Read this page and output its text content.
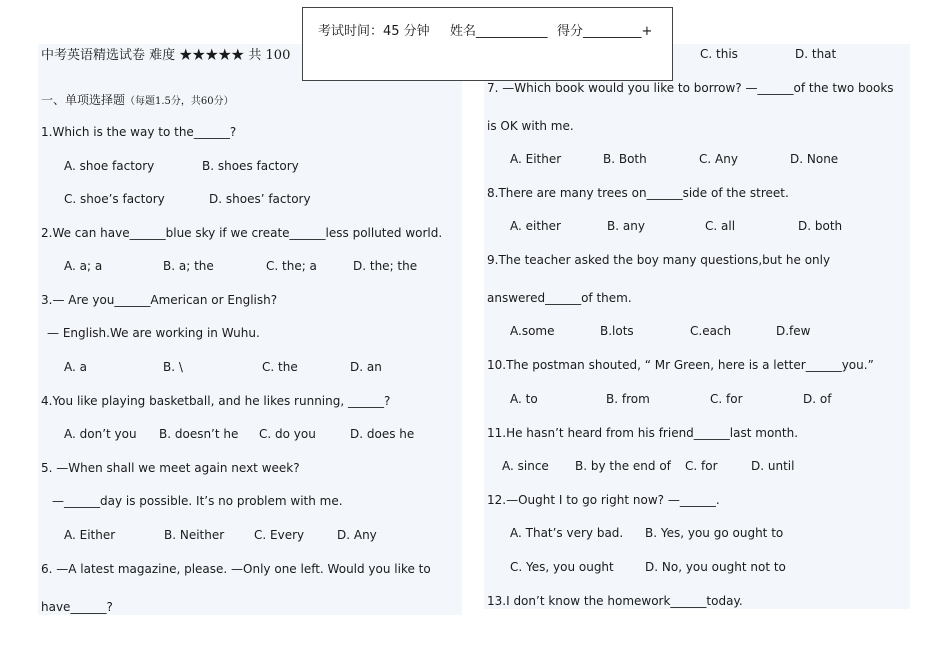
中考英语精选试卷 难度 ★★★★★ 共 100
考试时间：45 分钟 姓名___________ 得分_________+
一、单项选择题（每题1.5分，共60分）
1.Which is the way to the______?
A. shoe factory	B. shoes factory
C. shoe’s factory	D. shoes’ factory
2.We can have______blue sky if we create______less polluted world.
A. a; a	B. a; the	C. the; a	D. the; the
3.— Are you______American or English?
— English.We are working in Wuhu.
A. a	B. \	C. the	D. an
4.You like playing basketball, and he likes running, ______?
A. don’t you B. doesn’t he C. do you	D. does he
5. —When shall we meet again next week?
—______day is possible. It’s no problem with me.
A. Either	B. Neither C. Every	D. Any
6. —A latest magazine, please. —Only one left. Would you like to
have______?
C. this	D. that
7. —Which book would you like to borrow? —______of the two books
is OK with me.
A. Either	B. Both	C. Any	D. None
8.There are many trees on______side of the street.
A. either	B. any	C. all	D. both
9.The teacher asked the boy many questions,but he only
answered______of them.
A.some	B.lots	C.each	D.few
10.The postman shouted, “ Mr Green, here is a letter______you.”
A. to	B. from	C. for	D. of
11.He hasn’t heard from his friend______last month.
A. since B. by the end of C. for	D. until
12.—Ought I to go right now? —______.
A. That’s very bad. B. Yes, you go ought to
C. Yes, you ought	D. No, you ought not to
13.I don’t know the homework______today.
